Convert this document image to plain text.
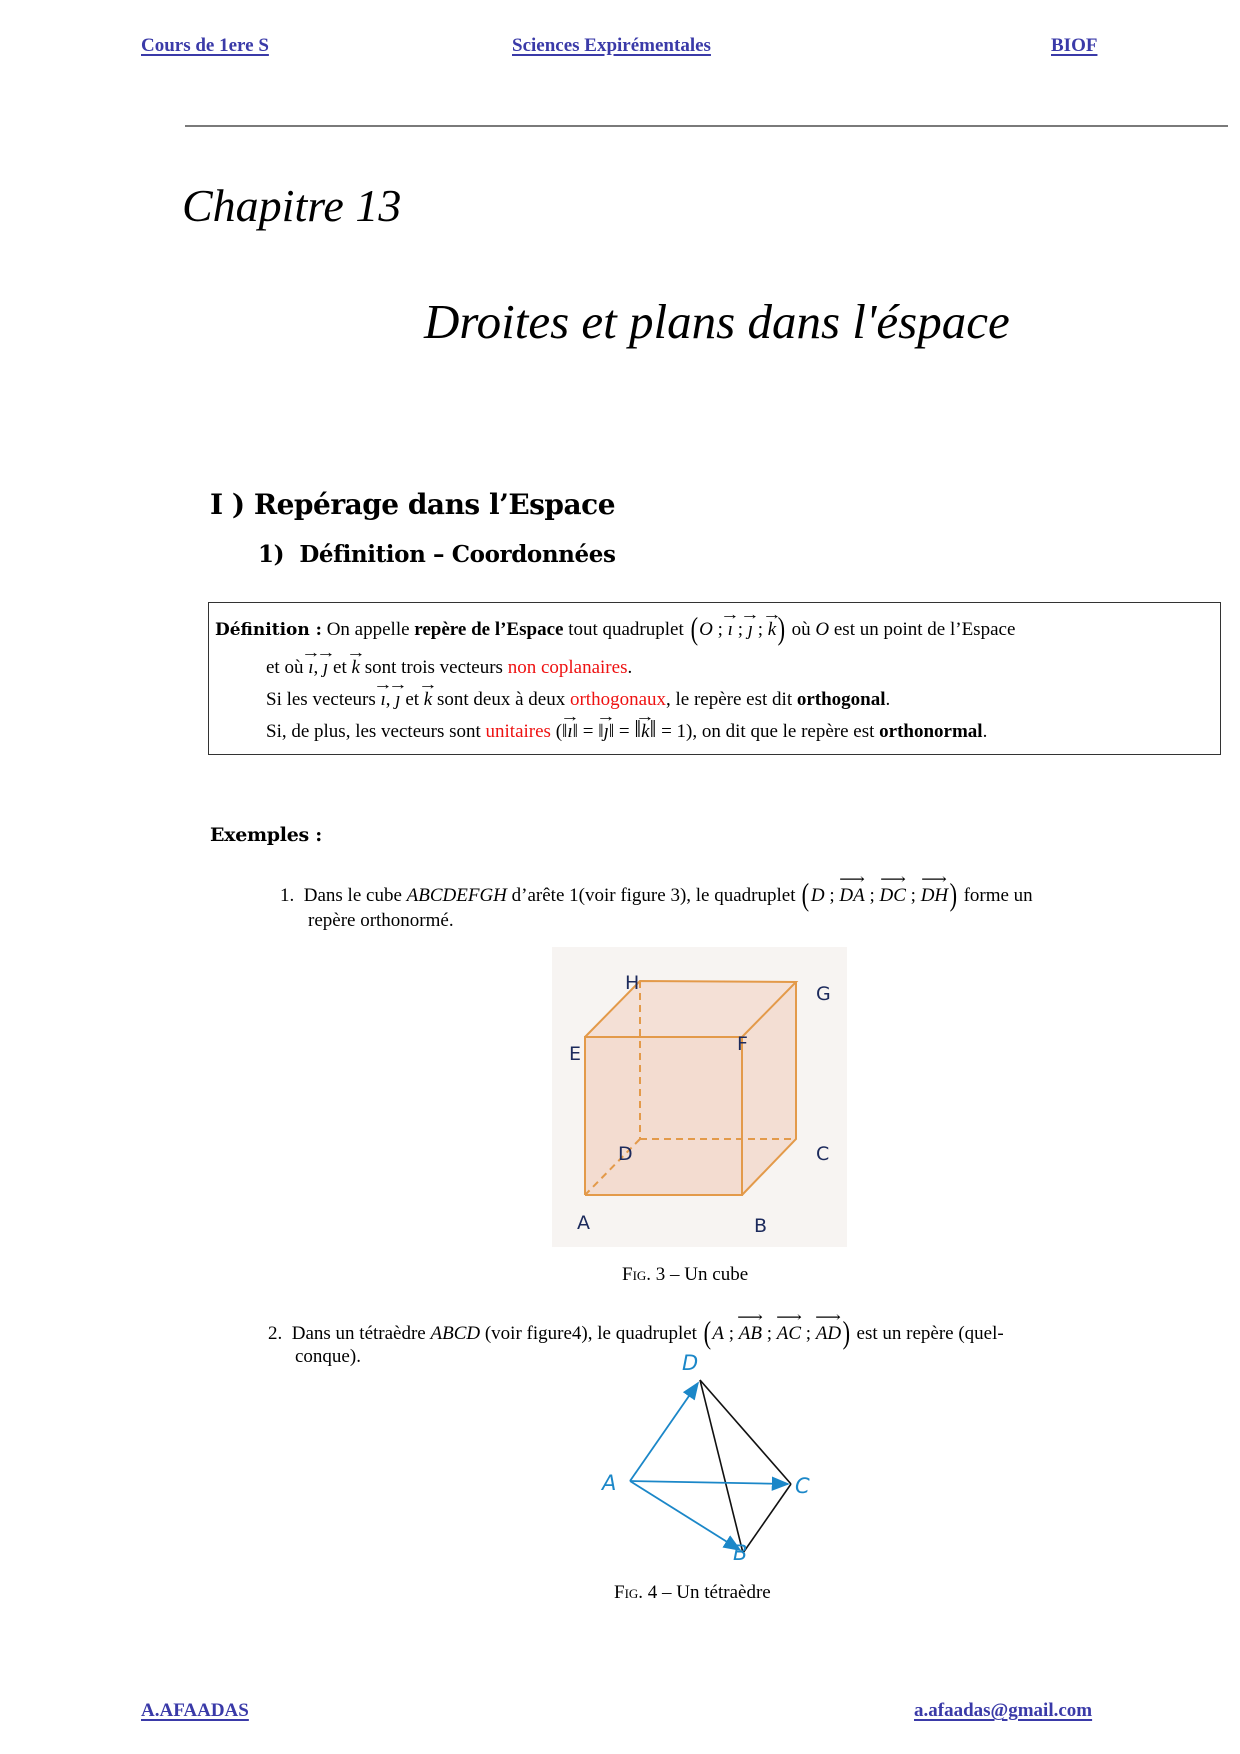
Cours de 1ere S	Sciences Expirémentales	BIOF
Chapitre 13
Droites et plans dans l'éspace
I ) Repérage dans l’Espace
1) Définition – Coordonnées
Définition : On appelle repère de l’Espace tout quadruplet (O ; → ı ; → ȷ ; → k) où O est un point de l’Espace
et où → ı, → ȷ et → k sont trois vecteurs non coplanaires.
Si les vecteurs → ı, → ȷ et → k sont deux à deux orthogonaux, le repère est dit orthogonal.
Si, de plus, les vecteurs sont unitaires (‖→ ı‖ = ‖→ ȷ‖ = ‖→ k‖ = 1), on dit que le repère est orthonormal.
Exemples :
1. Dans le cube ABCDEFGH d’arête 1(voir figure 3), le quadruplet (D ; ⟶ DA ; ⟶ DC ; ⟶ DH) forme un
repère orthonormé.
A	B
C
D
E	F
G
H
Fig. 3 – Un cube
2. Dans un tétraèdre ABCD (voir figure4), le quadruplet (A ; ⟶ AB ; ⟶ AC ; ⟶ AD) est un repère (quel-
conque).
A
B
C
D
Fig. 4 – Un tétraèdre
A.AFAADAS	a.afaadas@gmail.com
